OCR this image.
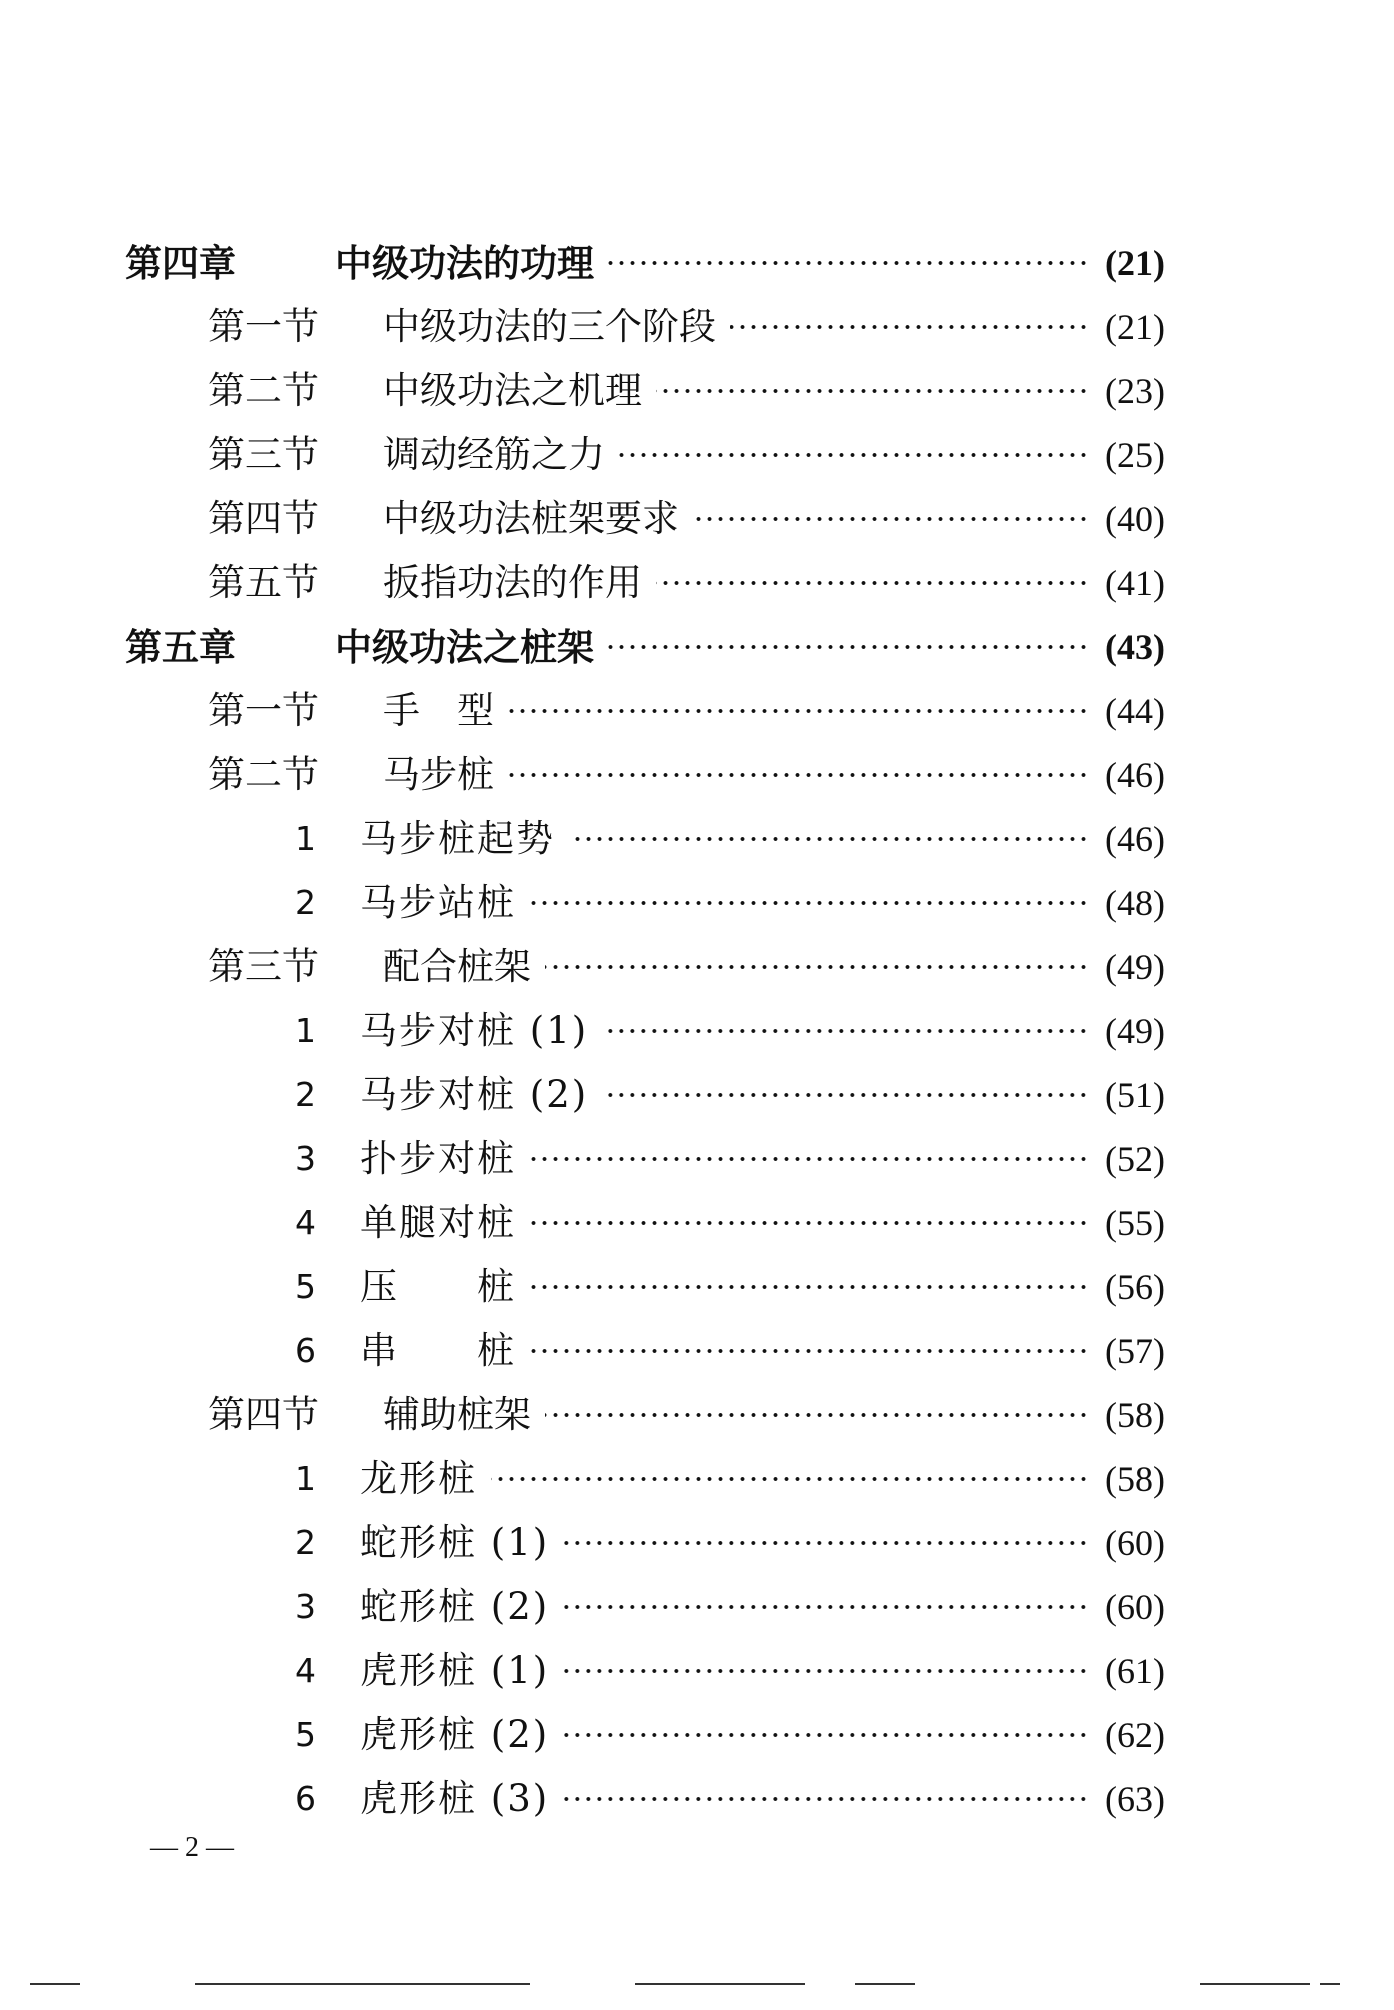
第四章	中级功法的功理	(21)
第一节	中级功法的三个阶段	(21)
第二节	中级功法之机理	(23)
第三节	调动经筋之力	(25)
第四节	中级功法桩架要求	(40)
第五节	扳指功法的作用	(41)
第五章	中级功法之桩架	(43)
第一节	手　型	(44)
第二节	马步桩	(46)
1	马步桩起势	(46)
2	马步站桩	(48)
第三节	配合桩架	(49)
1	马步对桩 (1)	(49)
2	马步对桩 (2)	(51)
3	扑步对桩	(52)
4	单腿对桩	(55)
5	压　　桩	(56)
6	串　　桩	(57)
第四节	辅助桩架	(58)
1	龙形桩	(58)
2	蛇形桩 (1)	(60)
3	蛇形桩 (2)	(60)
4	虎形桩 (1)	(61)
5	虎形桩 (2)	(62)
6	虎形桩 (3)	(63)
— 2 —
